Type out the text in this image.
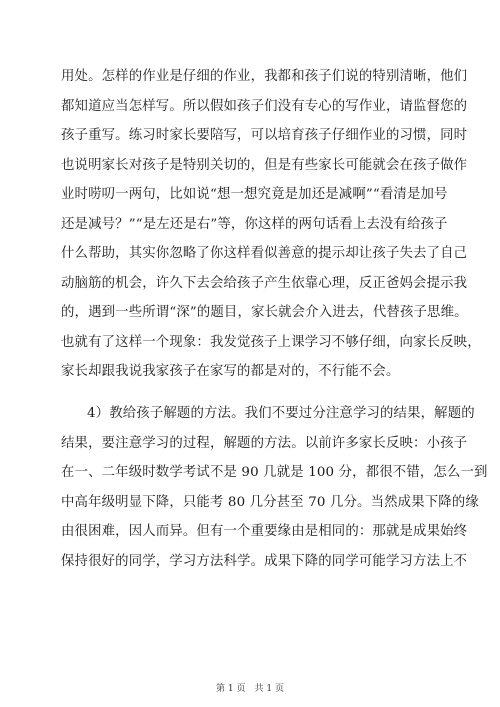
用处。怎样的作业是仔细的作业，我都和孩子们说的特别清晰，他们
都知道应当怎样写。所以假如孩子们没有专心的写作业，请监督您的
孩子重写。练习时家长要陪写，可以培育孩子仔细作业的习惯，同时
也说明家长对孩子是特别关切的，但是有些家长可能就会在孩子做作
业时唠叨一两句，比如说“想一想究竟是加还是减啊”“看清是加号
还是减号？”“是左还是右”等，你这样的两句话看上去没有给孩子
什么帮助，其实你忽略了你这样看似善意的提示却让孩子失去了自己
动脑筋的机会，许久下去会给孩子产生依靠心理，反正爸妈会提示我
的，遇到一些所谓“深”的题目，家长就会介入进去，代替孩子思维。
也就有了这样一个现象：我发觉孩子上课学习不够仔细，向家长反映，
家长却跟我说我家孩子在家写的都是对的，不行能不会。
4）教给孩子解题的方法。我们不要过分注意学习的结果，解题的
结果，要注意学习的过程，解题的方法。以前许多家长反映：小孩子
在一、二年级时数学考试不是 90 几就是 100 分，都很不错，怎么一到
中高年级明显下降，只能考 80 几分甚至 70 几分。当然成果下降的缘
由很困难，因人而异。但有一个重要缘由是相同的：那就是成果始终
保持很好的同学，学习方法科学。成果下降的同学可能学习方法上不
第 1 页　共 1 页
